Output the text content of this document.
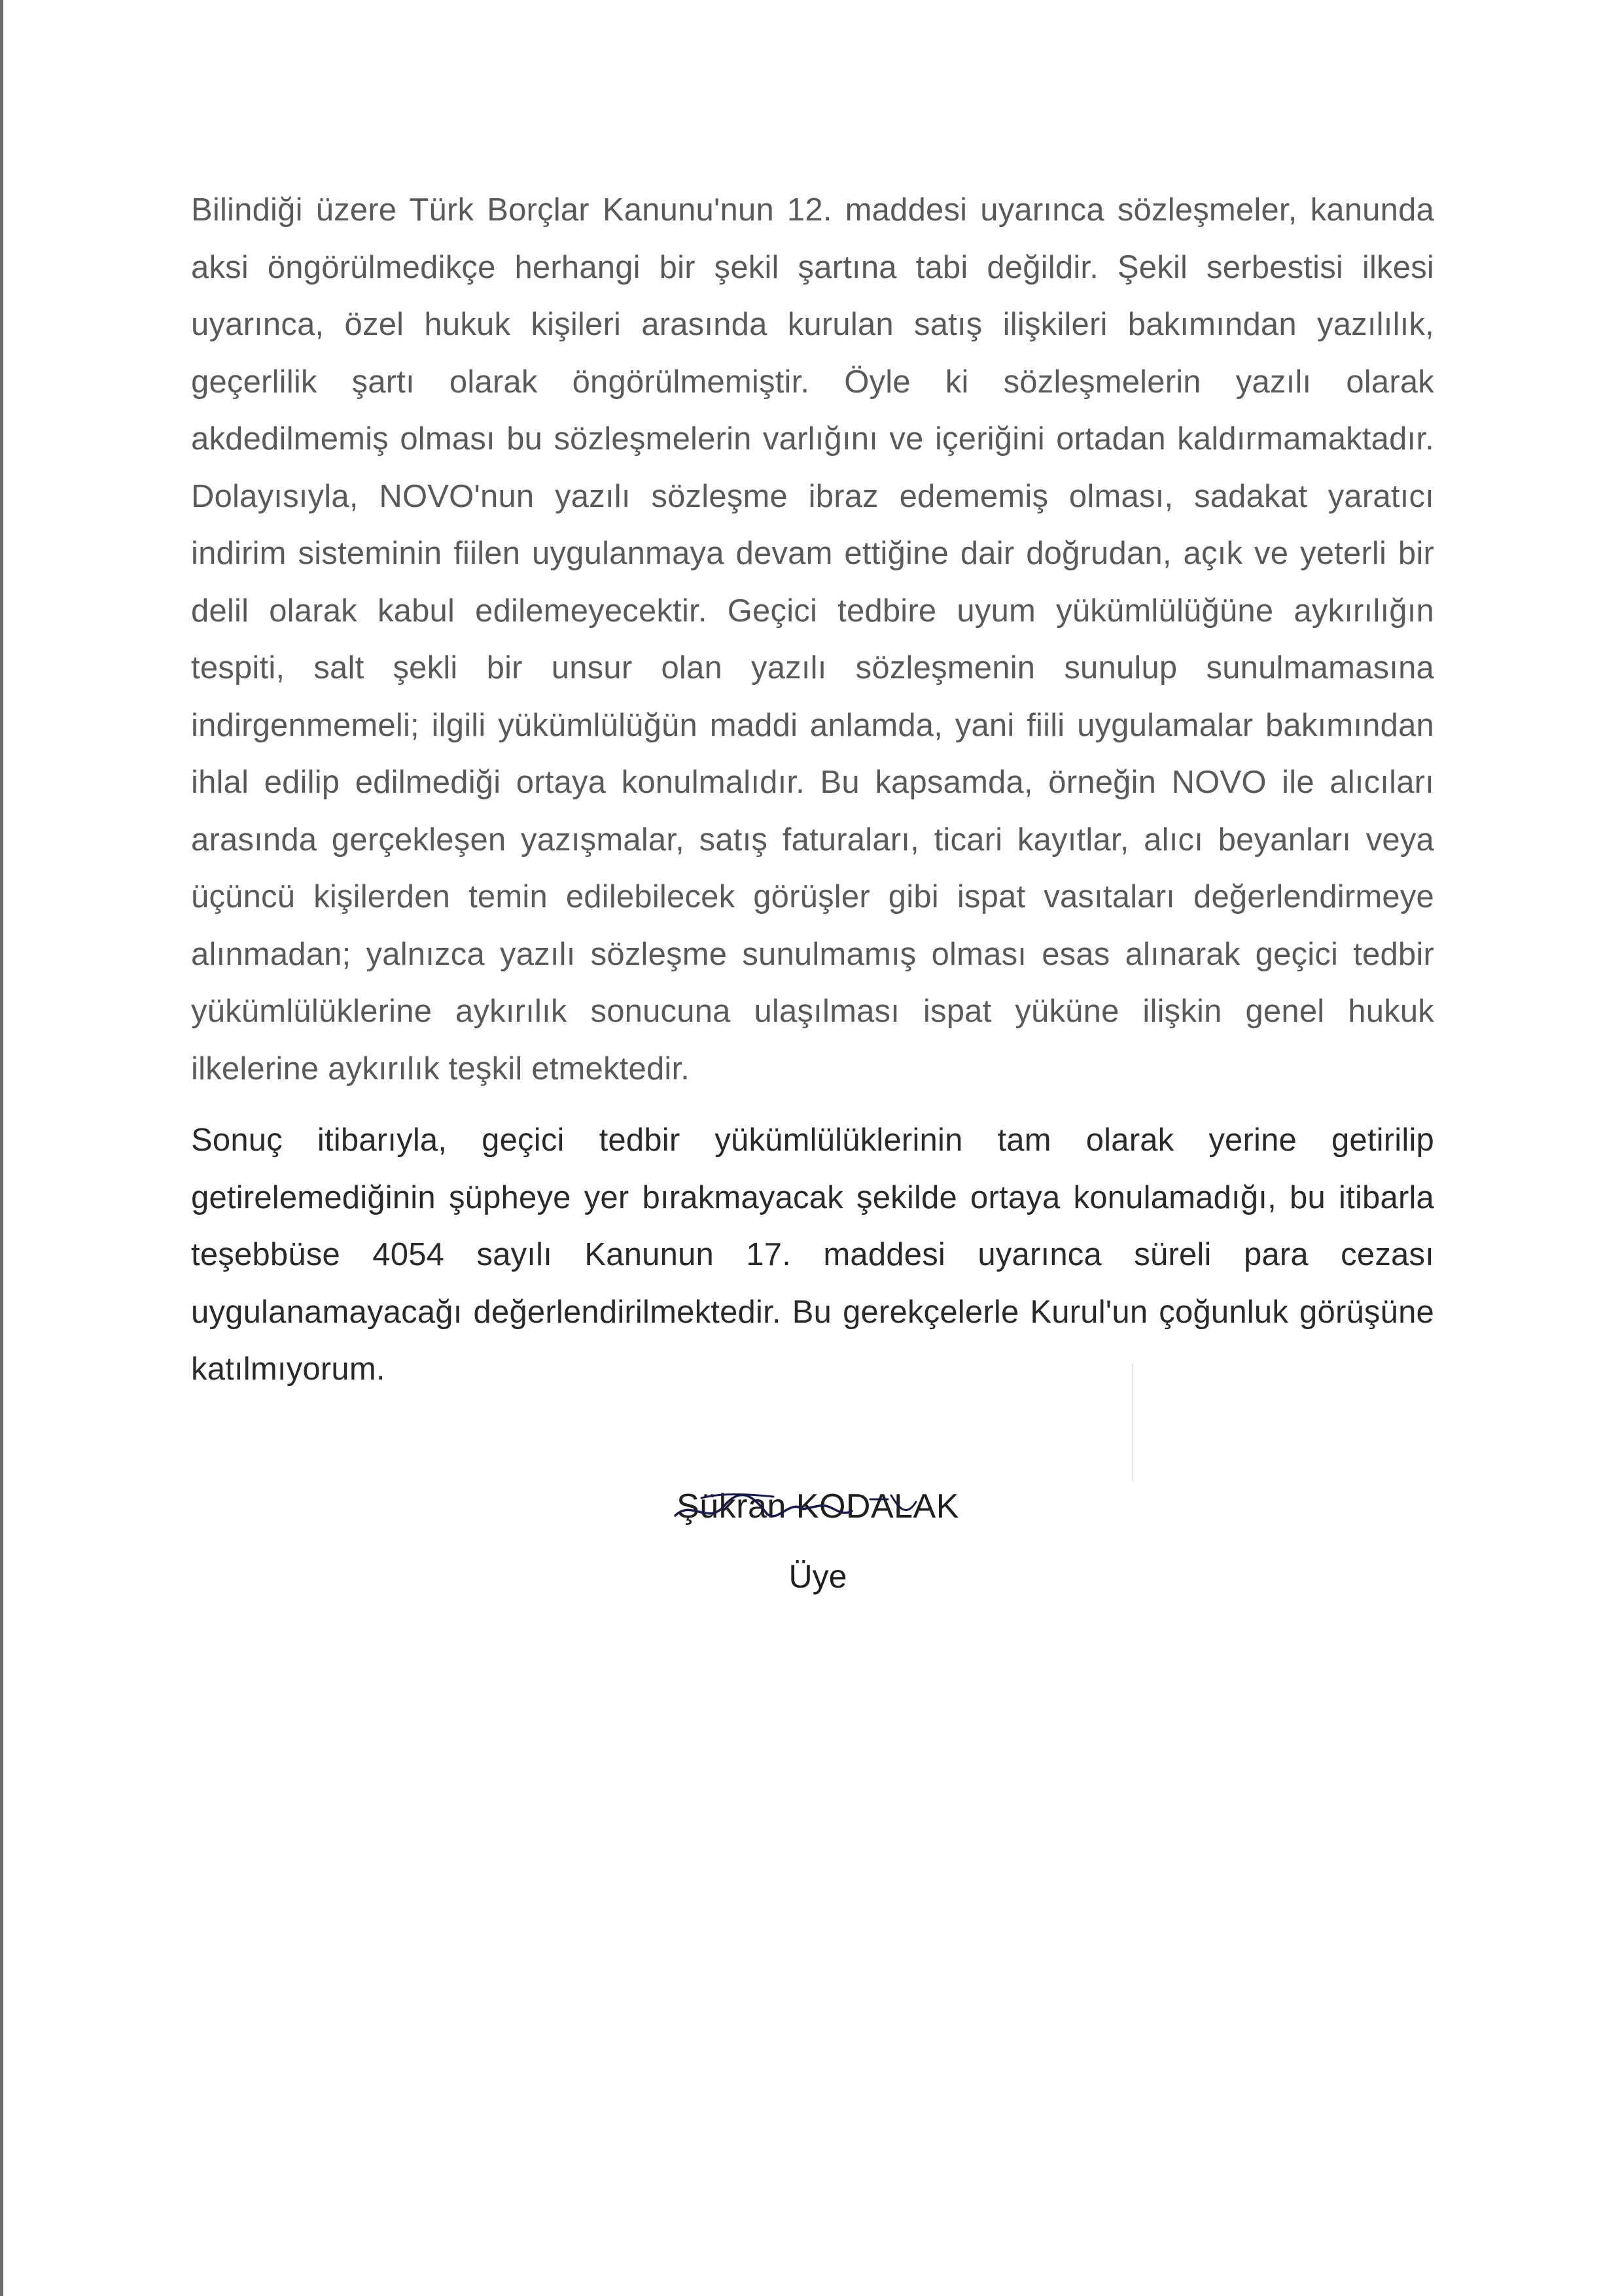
Bilindiği üzere Türk Borçlar Kanunu'nun 12. maddesi uyarınca sözleşmeler, kanunda aksi öngörülmedikçe herhangi bir şekil şartına tabi değildir. Şekil serbestisi ilkesi uyarınca, özel hukuk kişileri arasında kurulan satış ilişkileri bakımından yazılılık, geçerlilik şartı olarak öngörülmemiştir. Öyle ki sözleşmelerin yazılı olarak akdedilmemiş olması bu sözleşmelerin varlığını ve içeriğini ortadan kaldırmamaktadır. Dolayısıyla, NOVO'nun yazılı sözleşme ibraz edememiş olması, sadakat yaratıcı indirim sisteminin fiilen uygulanmaya devam ettiğine dair doğrudan, açık ve yeterli bir delil olarak kabul edilemeyecektir. Geçici tedbire uyum yükümlülüğüne aykırılığın tespiti, salt şekli bir unsur olan yazılı sözleşmenin sunulup sunulmamasına indirgenmemeli; ilgili yükümlülüğün maddi anlamda, yani fiili uygulamalar bakımından ihlal edilip edilmediği ortaya konulmalıdır. Bu kapsamda, örneğin NOVO ile alıcıları arasında gerçekleşen yazışmalar, satış faturaları, ticari kayıtlar, alıcı beyanları veya üçüncü kişilerden temin edilebilecek görüşler gibi ispat vasıtaları değerlendirmeye alınmadan; yalnızca yazılı sözleşme sunulmamış olması esas alınarak geçici tedbir yükümlülüklerine aykırılık sonucuna ulaşılması ispat yüküne ilişkin genel hukuk ilkelerine aykırılık teşkil etmektedir.

Sonuç itibarıyla, geçici tedbir yükümlülüklerinin tam olarak yerine getirilip getirelemediğinin şüpheye yer bırakmayacak şekilde ortaya konulamadığı, bu itibarla teşebbüse 4054 sayılı Kanunun 17. maddesi uyarınca süreli para cezası uygulanamayacağı değerlendirilmektedir. Bu gerekçelerle Kurul'un çoğunluk görüşüne katılmıyorum.

Şükran KODALAK
Üye
